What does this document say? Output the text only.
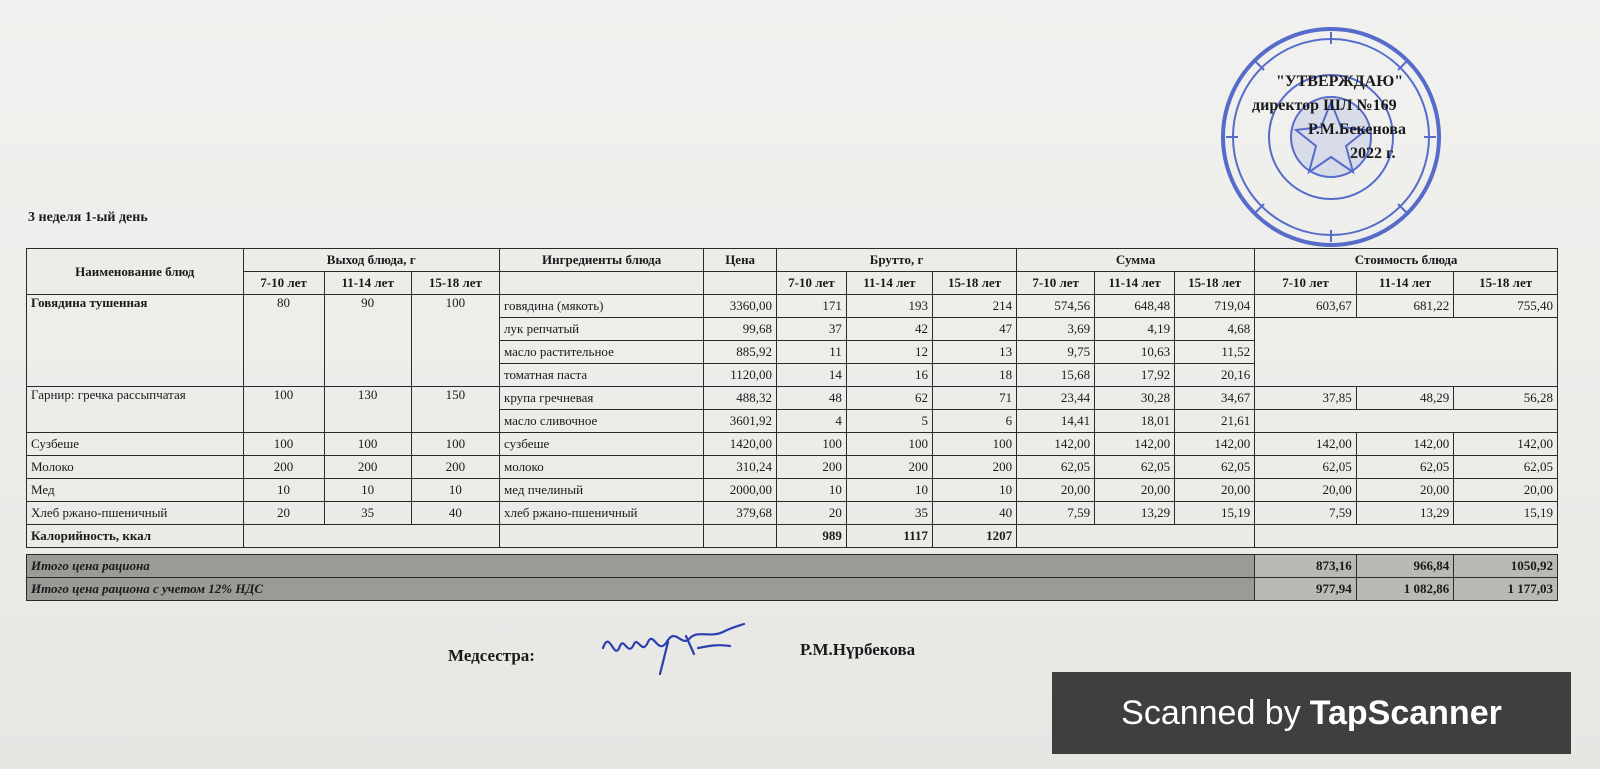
"УТВЕРЖДАЮ"
директор ШЛ №169
Р.М.Бекенова
2022 г.
3 неделя 1-ый день
Наименование блюд	Выход блюда, г			Ингредиенты блюда	Цена	Брутто, г			Сумма			Стоимость блюда		
	7-10 лет	11-14 лет	15-18 лет			7-10 лет	11-14 лет	15-18 лет	7-10 лет	11-14 лет	15-18 лет	7-10 лет	11-14 лет	15-18 лет
Говядина тушенная	80	90	100	говядина (мякоть)	3360,00	171	193	214	574,56	648,48	719,04	603,67	681,22	755,40
				лук репчатый	99,68	37	42	47	3,69	4,19	4,68			
				масло растительное	885,92	11	12	13	9,75	10,63	11,52			
				томатная паста	1120,00	14	16	18	15,68	17,92	20,16			
Гарнир: гречка рассыпчатая	100	130	150	крупа гречневая	488,32	48	62	71	23,44	30,28	34,67	37,85	48,29	56,28
				масло сливочное	3601,92	4	5	6	14,41	18,01	21,61			
Сузбеше	100	100	100	сузбеше	1420,00	100	100	100	142,00	142,00	142,00	142,00	142,00	142,00
Молоко	200	200	200	молоко	310,24	200	200	200	62,05	62,05	62,05	62,05	62,05	62,05
Мед	10	10	10	мед пчелиный	2000,00	10	10	10	20,00	20,00	20,00	20,00	20,00	20,00
Хлеб ржано-пшеничный	20	35	40	хлеб ржано-пшеничный	379,68	20	35	40	7,59	13,29	15,19	7,59	13,29	15,19
Калорийность, ккал						989	1117	1207						

Итого цена рациона												873,16	966,84	1050,92
Итого цена рациона с учетом 12% НДС												977,94	1 082,86	1 177,03
Медсестра:	Р.М.Нүрбекова
Scanned by TapScanner
